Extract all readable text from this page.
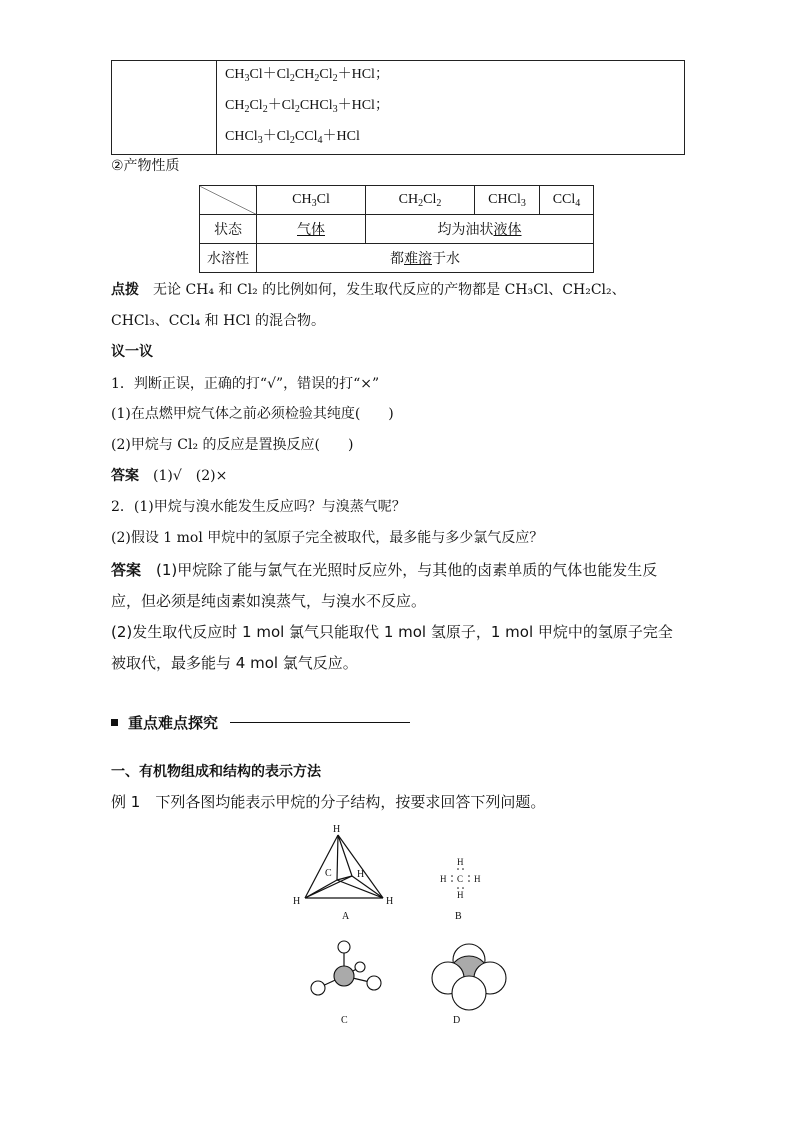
$CH_3Cl+Cl_2CH_2Cl_2+HCl$；
$CH_2Cl_2+Cl_2CHCl_3+HCl$；
$CHCl_3+Cl_2CCl_4+HCl$
②产物性质
	$CH_3Cl$	$CH_2Cl_2$	CHCl$_3$	CCl$_4$
状态	气体	均为油状液体		
水溶性	都难溶于水			
点拨　 无论 CH₄ 和 Cl₂ 的比例如何，发生取代反应的产物都是 CH₃Cl、CH₂Cl₂、
CHCl₃、CCl₄ 和 HCl 的混合物。
议一议
1．判断正误，正确的打“√”，错误的打“×”
(1)在点燃甲烷气体之前必须检验其纯度(　　)
(2)甲烷与 Cl₂ 的反应是置换反应(　　)
答案　 (1)√　(2)×
2．(1)甲烷与溴水能发生反应吗？与溴蒸气呢？
(2)假设 1 mol 甲烷中的氢原子完全被取代，最多能与多少氯气反应？
答案　 (1)甲烷除了能与氯气在光照时反应外，与其他的卤素单质的气体也能发生反
应，但必须是纯卤素如溴蒸气，与溴水不反应。
(2)发生取代反应时 1 mol 氯气只能取代 1 mol 氢原子，1 mol 甲烷中的氢原子完全
被取代，最多能与 4 mol 氯气反应。
重点难点探究
一、有机物组成和结构的表示方法
例 1　 下列各图均能表示甲烷的分子结构，按要求回答下列问题。
H
C	H
H	H
A
H
H C H
H
B
C	D
